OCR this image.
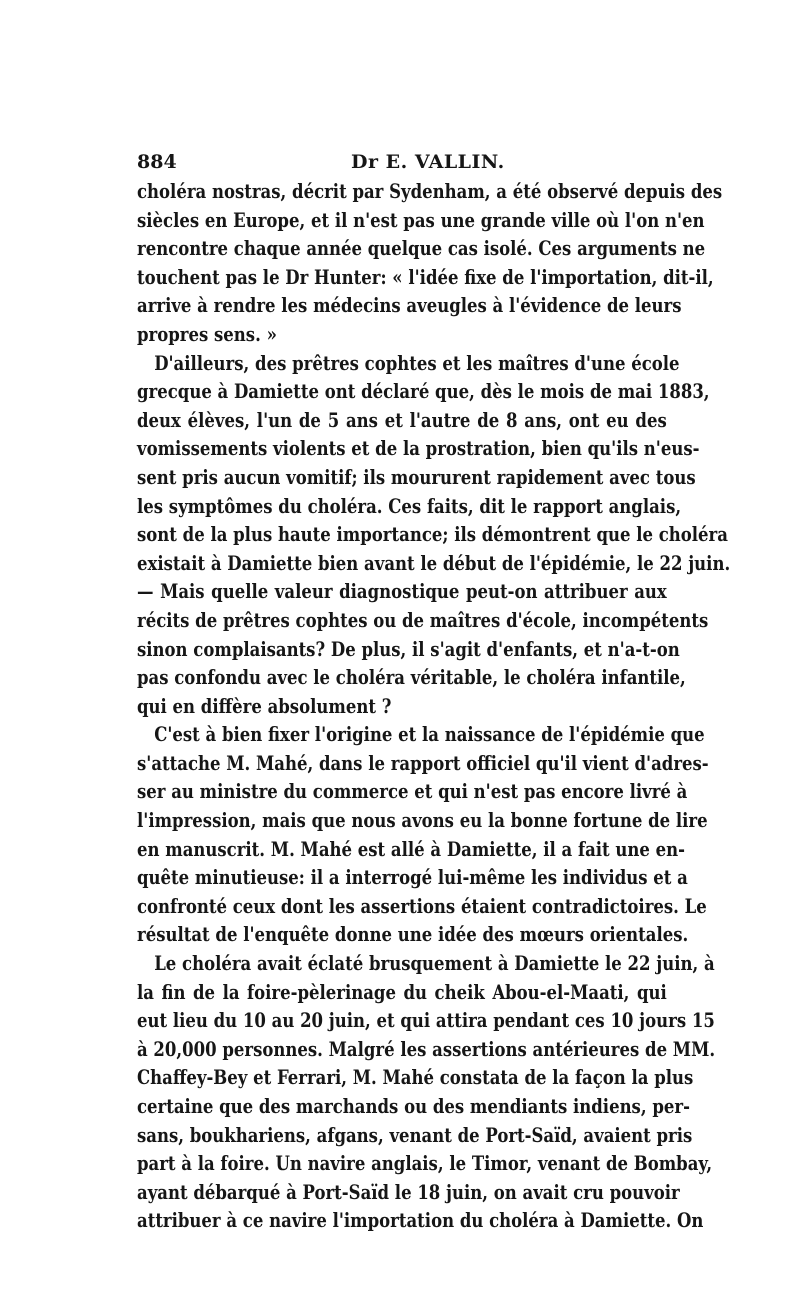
884	Dr E. VALLIN.
choléra nostras, décrit par Sydenham, a été observé depuis des
siècles en Europe, et il n'est pas une grande ville où l'on n'en
rencontre chaque année quelque cas isolé. Ces arguments ne
touchent pas le Dr Hunter: « l'idée fixe de l'importation, dit-il,
arrive à rendre les médecins aveugles à l'évidence de leurs
propres sens. »
D'ailleurs, des prêtres cophtes et les maîtres d'une école
grecque à Damiette ont déclaré que, dès le mois de mai 1883,
deux élèves, l'un de 5 ans et l'autre de 8 ans, ont eu des
vomissements violents et de la prostration, bien qu'ils n'eus-
sent pris aucun vomitif; ils moururent rapidement avec tous
les symptômes du choléra. Ces faits, dit le rapport anglais,
sont de la plus haute importance; ils démontrent que le choléra
existait à Damiette bien avant le début de l'épidémie, le 22 juin.
— Mais quelle valeur diagnostique peut-on attribuer aux
récits de prêtres cophtes ou de maîtres d'école, incompétents
sinon complaisants? De plus, il s'agit d'enfants, et n'a-t-on
pas confondu avec le choléra véritable, le choléra infantile,
qui en diffère absolument ?
C'est à bien fixer l'origine et la naissance de l'épidémie que
s'attache M. Mahé, dans le rapport officiel qu'il vient d'adres-
ser au ministre du commerce et qui n'est pas encore livré à
l'impression, mais que nous avons eu la bonne fortune de lire
en manuscrit. M. Mahé est allé à Damiette, il a fait une en-
quête minutieuse: il a interrogé lui-même les individus et a
confronté ceux dont les assertions étaient contradictoires. Le
résultat de l'enquête donne une idée des mœurs orientales.
Le choléra avait éclaté brusquement à Damiette le 22 juin, à
la fin de la foire-pèlerinage du cheik Abou-el-Maati, qui
eut lieu du 10 au 20 juin, et qui attira pendant ces 10 jours 15
à 20,000 personnes. Malgré les assertions antérieures de MM.
Chaffey-Bey et Ferrari, M. Mahé constata de la façon la plus
certaine que des marchands ou des mendiants indiens, per-
sans, boukhariens, afgans, venant de Port-Saïd, avaient pris
part à la foire. Un navire anglais, le Timor, venant de Bombay,
ayant débarqué à Port-Saïd le 18 juin, on avait cru pouvoir
attribuer à ce navire l'importation du choléra à Damiette. On
